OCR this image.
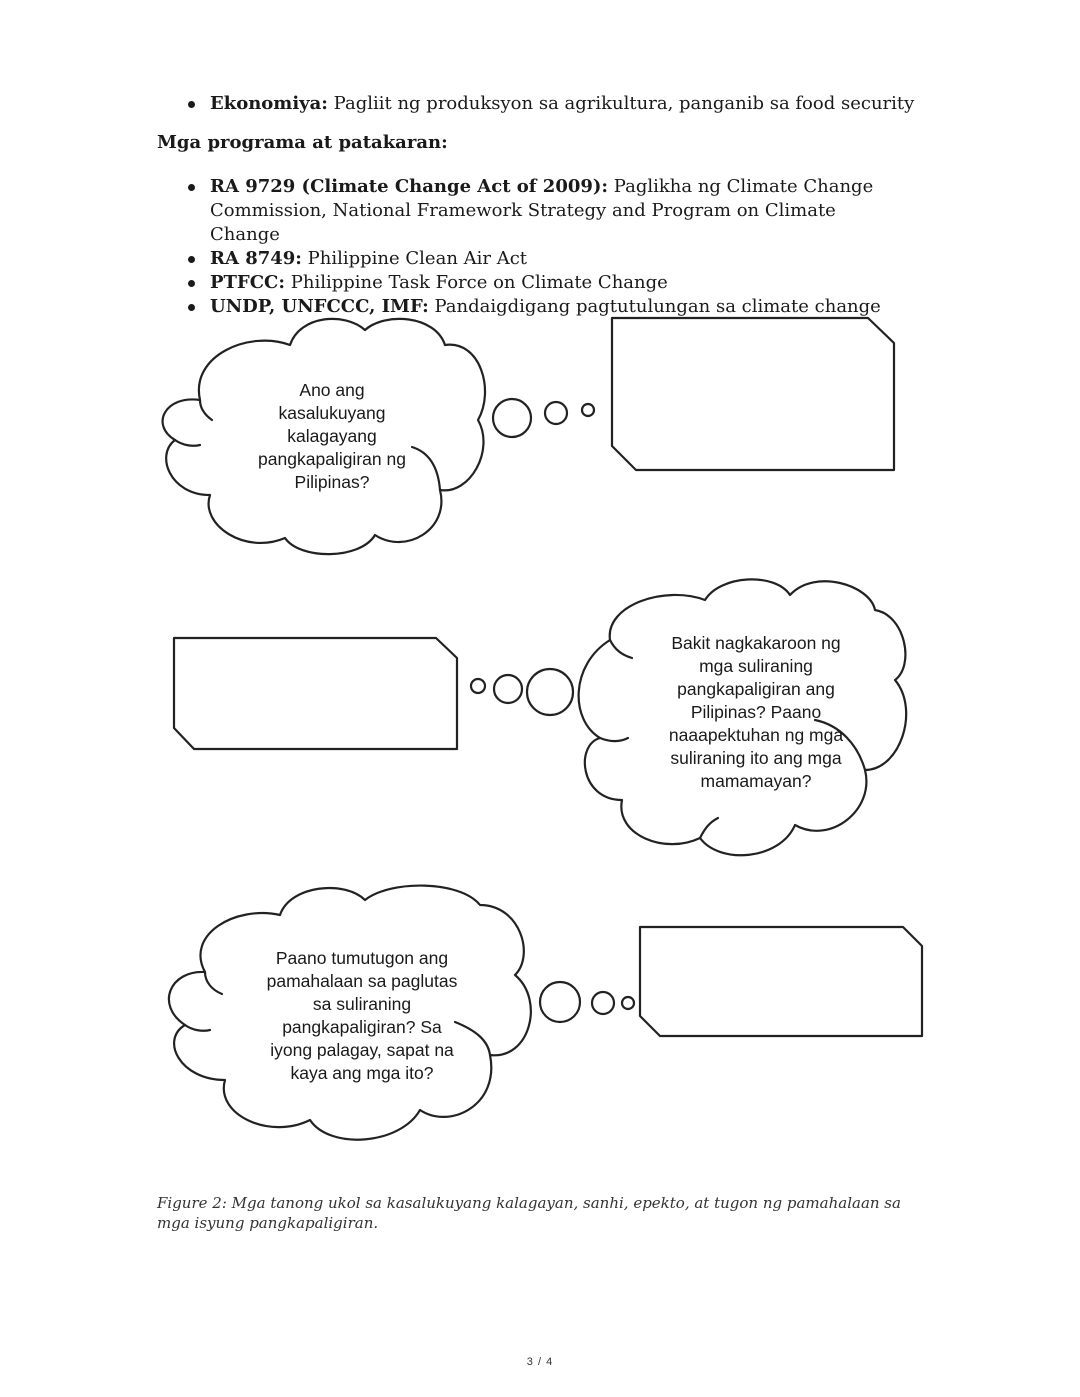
Ekonomiya: Pagliit ng produksyon sa agrikultura, panganib sa food security
Mga programa at patakaran:
RA 9729 (Climate Change Act of 2009): Paglikha ng Climate Change Commission, National Framework Strategy and Program on Climate Change
RA 8749: Philippine Clean Air Act
PTFCC: Philippine Task Force on Climate Change
UNDP, UNFCCC, IMF: Pandaigdigang pagtutulungan sa climate change
Ano ang
kasalukuyang
kalagayang
pangkapaligiran ng
Pilipinas?
Bakit nagkakaroon ng
mga suliraning
pangkapaligiran ang
Pilipinas? Paano
naaapektuhan ng mga
suliraning ito ang mga
mamamayan?
Paano tumutugon ang
pamahalaan sa paglutas
sa suliraning
pangkapaligiran? Sa
iyong palagay, sapat na
kaya ang mga ito?
Figure 2: Mga tanong ukol sa kasalukuyang kalagayan, sanhi, epekto, at tugon ng pamahalaan sa mga isyung pangkapaligiran.
3 / 4
